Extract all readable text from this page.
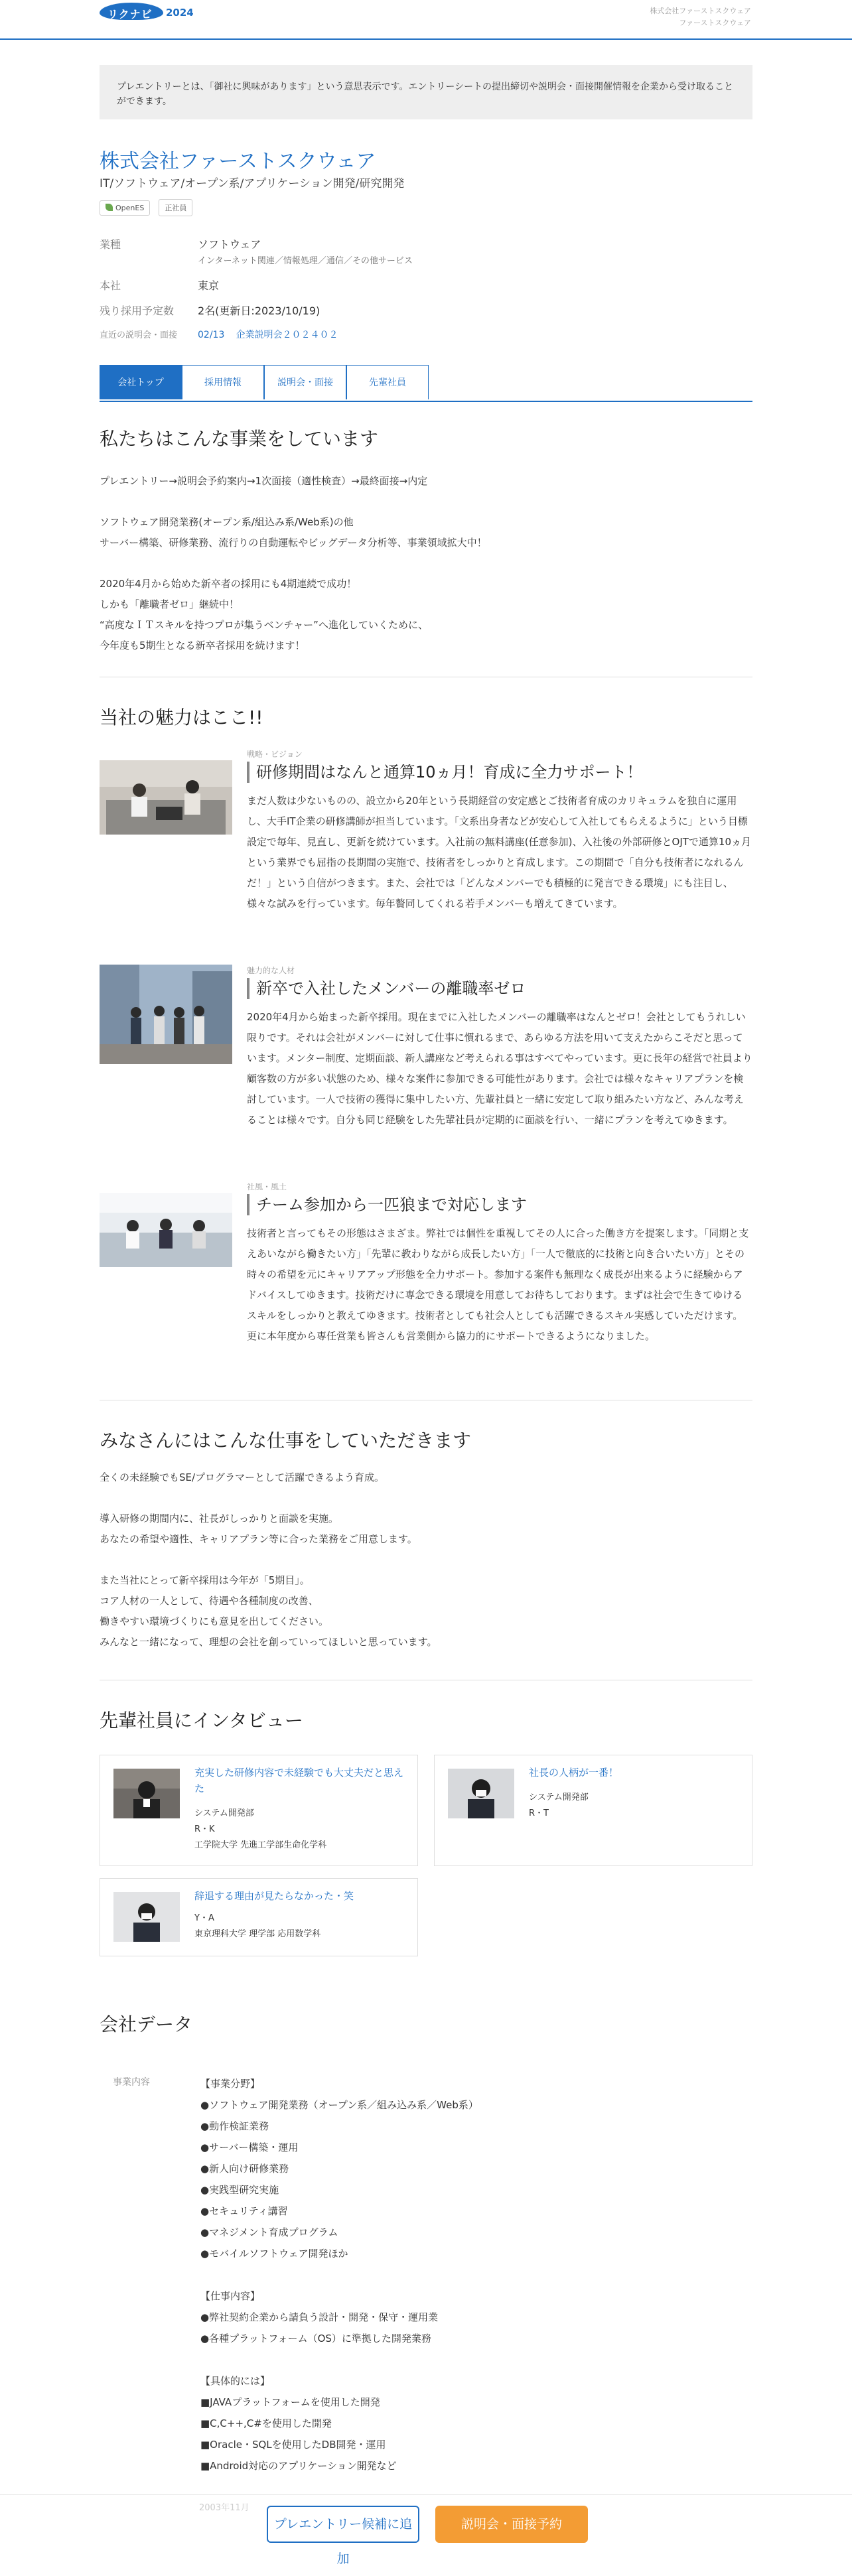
リクナビ 2024	株式会社ファーストスクウェア
ファーストスクウェア
プレエントリーとは、「御社に興味があります」という意思表示です。エントリーシートの提出締切や説明会・面接開催情報を企業から受け取ることができます。
株式会社ファーストスクウェア
IT/ソフトウェア/オープン系/アプリケーション開発/研究開発
OpenES	正社員
業種	ソフトウェア
インターネット関連／情報処理／通信／その他サービス
本社	東京
残り採用予定数 2名(更新日:2023/10/19)
直近の説明会・面接 02/13 企業説明会２０２４０２
会社トップ	採用情報	説明会・面接	先輩社員
私たちはこんな事業をしています

プレエントリー→説明会予約案内→1次面接（適性検査）→最終面接→内定

ソフトウェア開発業務(オープン系/組込み系/Web系)の他

サーバー構築、研修業務、流行りの自動運転やビッグデータ分析等、事業領域拡大中！

2020年4月から始めた新卒者の採用にも4期連続で成功！

しかも「離職者ゼロ」継続中！

“高度なＩＴスキルを持つプロが集うベンチャー”へ進化していくために、

今年度も5期生となる新卒者採用を続けます！

当社の魅力はここ!!
戦略・ビジョン
研修期間はなんと通算10ヵ月！育成に全力サポート！
まだ人数は少ないものの、設立から20年という長期経営の安定感とご技術者育成のカリキュラムを独自に運用し、大手IT企業の研修講師が担当しています。「文系出身者などが安心して入社してもらえるように」という目標設定で毎年、見直し、更新を続けています。入社前の無料講座(任意参加)、入社後の外部研修とOJTで通算10ヵ月という業界でも屈指の長期間の実施で、技術者をしっかりと育成します。この期間で「自分も技術者になれるんだ！」という自信がつきます。また、会社では「どんなメンバーでも積極的に発言できる環境」にも注目し、様々な試みを行っています。毎年贅同してくれる若手メンバーも増えてきています。
魅力的な人材
新卒で入社したメンバーの離職率ゼロ
2020年4月から始まった新卒採用。現在までに入社したメンバーの離職率はなんとゼロ！会社としてもうれしい限りです。それは会社がメンバーに対して仕事に慣れるまで、あらゆる方法を用いて支えたからこそだと思っています。メンター制度、定期面談、新人講座など考えられる事はすべてやっています。更に長年の経営で社員より顧客数の方が多い状態のため、様々な案件に参加できる可能性があります。会社では様々なキャリアプランを検討しています。一人で技術の獲得に集中したい方、先輩社員と一緒に安定して取り組みたい方など、みんな考えることは様々です。自分も同じ経験をした先輩社員が定期的に面談を行い、一緒にプランを考えてゆきます。
社風・風土
チーム参加から一匹狼まで対応します
技術者と言ってもその形態はさまざま。弊社では個性を重視してその人に合った働き方を提案します。「同期と支えあいながら働きたい方」「先輩に教わりながら成長したい方」「一人で徹底的に技術と向き合いたい方」とその時々の希望を元にキャリアアップ形態を全力サポート。参加する案件も無理なく成長が出来るように経験からアドバイスしてゆきます。技術だけに専念できる環境を用意してお待ちしております。まずは社会で生きてゆけるスキルをしっかりと教えてゆきます。技術者としても社会人としても活躍できるスキル実感していただけます。更に本年度から専任営業も皆さんも営業側から協力的にサポートできるようになりました。
みなさんにはこんな仕事をしていただきます

全くの未経験でもSE/プログラマーとして活躍できるよう育成。

導入研修の期間内に、社長がしっかりと面談を実施。

あなたの希望や適性、キャリアプラン等に合った業務をご用意します。

また当社にとって新卒採用は今年が「5期目」。

コア人材の一人として、待遇や各種制度の改善、

働きやすい環境づくりにも意見を出してください。

みんなと一緒になって、理想の会社を創っていってほしいと思っています。

先輩社員にインタビュー
充実した研修内容で未経験でも大丈夫だと思えた
システム開発部
R・K
工学院大学 先進工学部生命化学科
社長の人柄が一番！
システム開発部
R・T
辞退する理由が見たらなかった・笑
Y・A
東京理科大学 理学部 応用数学科
会社データ
事業内容	【事業分野】
●ソフトウェア開発業務（オープン系／組み込み系／Web系）
●動作検証業務
●サーバー構築・運用
●新人向け研修業務
●実践型研究実施
●セキュリティ講習
●マネジメント育成プログラム
●モバイルソフトウェア開発ほか
【仕事内容】
●弊社契約企業から請負う設計・開発・保守・運用業
●各種プラットフォーム（OS）に準拠した開発業務
【具体的には】
■JAVAプラットフォームを使用した開発
■C,C++,C#を使用した開発
■Oracle・SQLを使用したDB開発・運用
■Android対応のアプリケーション開発など
2003年11月
プレエントリー候補に追加
説明会・面接予約
